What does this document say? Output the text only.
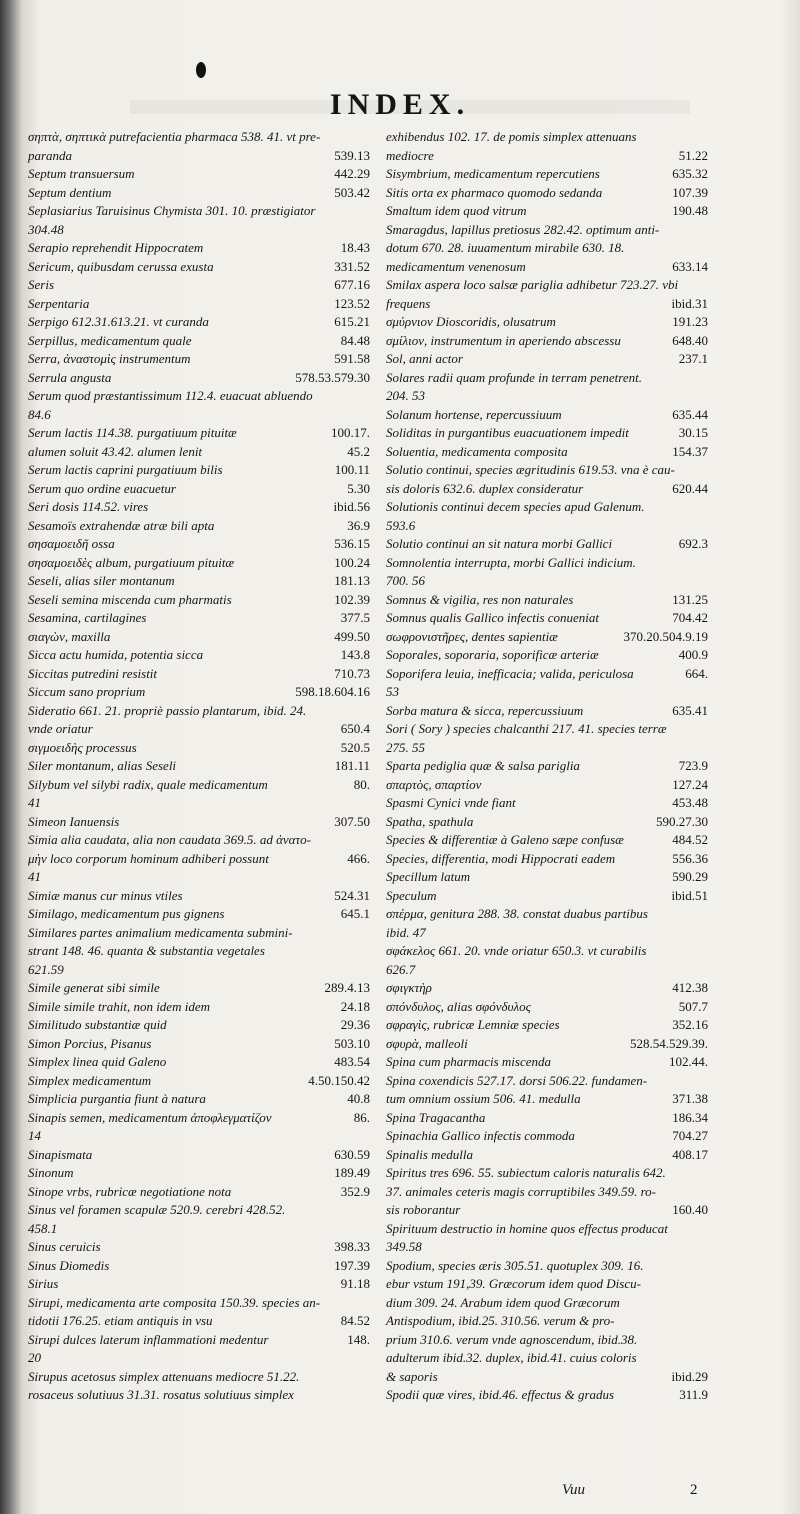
INDEX.
σηπτὰ, σηπτικὰ putrefacientia pharmaca 538. 41. vt pre-
539.13
paranda
442.29
Septum transuersum
503.42
Septum dentium
Seplasiarius Taruisinus Chymista 301. 10. præstigiator
304.48
18.43
Serapio reprehendit Hippocratem
331.52
Sericum, quibusdam cerussa exusta
677.16
Seris
123.52
Serpentaria
615.21
Serpigo 612.31.613.21. vt curanda
84.48
Serpillus, medicamentum quale
591.58
Serra, ἀναστομὶς instrumentum
578.53.579.30
Serrula angusta
Serum quod præstantissimum 112.4. euacuat abluendo
84.6
100.17.
Serum lactis 114.38. purgatiuum pituitæ
45.2
alumen soluit 43.42. alumen lenit
100.11
Serum lactis caprini purgatiuum bilis
5.30
Serum quo ordine euacuetur
ibid.56
Seri dosis 114.52. vires
36.9
Sesamoïs extrahendæ atræ bili apta
536.15
σησαμοειδῆ ossa
100.24
σησαμοειδὲς album, purgatiuum pituitæ
181.13
Seseli, alias siler montanum
102.39
Seseli semina miscenda cum pharmatis
377.5
Sesamina, cartilagines
499.50
σιαγὼν, maxilla
143.8
Sicca actu humida, potentia sicca
710.73
Siccitas putredini resistit
598.18.604.16
Siccum sano proprium
Sideratio 661. 21. propriè passio plantarum, ibid. 24.
650.4
vnde oriatur
520.5
σιγμοειδὴς processus
181.11
Siler montanum, alias Seseli
80.
Silybum vel silybi radix, quale medicamentum
41
307.50
Simeon Ianuensis
Simia alia caudata, alia non caudata 369.5. ad ἀνατο-
466.
μὴν loco corporum hominum adhiberi possunt
41
524.31
Simiæ manus cur minus vtiles
645.1
Similago, medicamentum pus gignens
Similares partes animalium medicamenta submini-
strant 148. 46. quanta & substantia vegetales
621.59
289.4.13
Simile generat sibi simile
24.18
Simile simile trahit, non idem idem
29.36
Similitudo substantiæ quid
503.10
Simon Porcius, Pisanus
483.54
Simplex linea quid Galeno
4.50.150.42
Simplex medicamentum
40.8
Simplicia purgantia fiunt à natura
86.
Sinapis semen, medicamentum ἀποφλεγματίζον
14
630.59
Sinapismata
189.49
Sinonum
352.9
Sinope vrbs, rubricæ negotiatione nota
Sinus vel foramen scapulæ 520.9. cerebri 428.52.
458.1
398.33
Sinus ceruicis
197.39
Sinus Diomedis
91.18
Sirius
Sirupi, medicamenta arte composita 150.39. species an-
84.52
tidotii 176.25. etiam antiquis in vsu
148.
Sirupi dulces laterum inflammationi medentur
20
Sirupus acetosus simplex attenuans mediocre 51.22.
rosaceus solutiuus 31.31. rosatus solutiuus simplex
exhibendus 102. 17. de pomis simplex attenuans
51.22
mediocre
635.32
Sisymbrium, medicamentum repercutiens
107.39
Sitis orta ex pharmaco quomodo sedanda
190.48
Smaltum idem quod vitrum
Smaragdus, lapillus pretiosus 282.42. optimum anti-
dotum 670. 28. iuuamentum mirabile 630. 18.
633.14
medicamentum venenosum
Smilax aspera loco salsæ pariglia adhibetur 723.27. vbi
ibid.31
frequens
191.23
σμύρνιον Dioscoridis, olusatrum
648.40
σμίλιον, instrumentum in aperiendo abscessu
237.1
Sol, anni actor
Solares radii quam profunde in terram penetrent.
204. 53
635.44
Solanum hortense, repercussiuum
30.15
Soliditas in purgantibus euacuationem impedit
154.37
Soluentia, medicamenta composita
Solutio continui, species ægritudinis 619.53. vna è cau-
620.44
sis doloris 632.6. duplex consideratur
Solutionis continui decem species apud Galenum.
593.6
692.3
Solutio continui an sit natura morbi Gallici
Somnolentia interrupta, morbi Gallici indicium.
700. 56
131.25
Somnus & vigilia, res non naturales
704.42
Somnus qualis Gallico infectis conueniat
370.20.504.9.19
σωφρονιστῆρες, dentes sapientiæ
400.9
Soporales, soporaria, soporificæ arteriæ
664.
Soporifera leuia, inefficacia; valida, periculosa
53
635.41
Sorba matura & sicca, repercussiuum
Sori ( Sory ) species chalcanthi 217. 41. species terræ
275. 55
723.9
Sparta pediglia quæ & salsa pariglia
127.24
σπαρτὸς, σπαρτίον
453.48
Spasmi Cynici vnde fiant
590.27.30
Spatha, spathula
484.52
Species & differentiæ à Galeno sæpe confusæ
556.36
Species, differentia, modi Hippocrati eadem
590.29
Specillum latum
ibid.51
Speculum
σπέρμα, genitura 288. 38. constat duabus partibus
ibid. 47
σφάκελος 661. 20. vnde oriatur 650.3. vt curabilis
626.7
412.38
σφιγκτὴρ
507.7
σπόνδυλος, alias σφόνδυλος
352.16
σφραγὶς, rubricæ Lemniæ species
528.54.529.39.
σφυρὰ, malleoli
102.44.
Spina cum pharmacis miscenda
Spina coxendicis 527.17. dorsi 506.22. fundamen-
371.38
tum omnium ossium 506. 41. medulla
186.34
Spina Tragacantha
704.27
Spinachia Gallico infectis commoda
408.17
Spinalis medulla
Spiritus tres 696. 55. subiectum caloris naturalis 642.
37. animales ceteris magis corruptibiles 349.59. ro-
160.40
sis roborantur
Spirituum destructio in homine quos effectus producat
349.58
Spodium, species æris 305.51. quotuplex 309. 16.
ebur vstum 191,39. Græcorum idem quod Discu-
dium 309. 24. Arabum idem quod Græcorum
Antispodium, ibid.25. 310.56. verum & pro-
prium 310.6. verum vnde agnoscendum, ibid.38.
adulterum ibid.32. duplex, ibid.41. cuius coloris
ibid.29
& saporis
311.9
Spodii quæ vires, ibid.46. effectus & gradus
Vuu	2
